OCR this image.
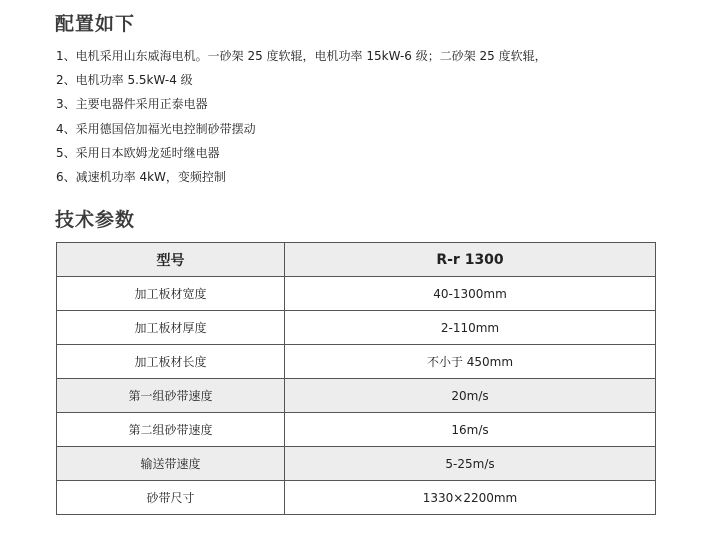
配置如下
1、电机采用山东威海电机。一砂架 25 度软辊，电机功率 15kW-6 级；二砂架 25 度软辊，
2、电机功率 5.5kW-4 级
3、主要电器件采用正泰电器
4、采用德国倍加福光电控制砂带摆动
5、采用日本欧姆龙延时继电器
6、减速机功率 4kW，变频控制
技术参数
型号	R-r 1300
加工板材宽度	40-1300mm
加工板材厚度	2-110mm
加工板材长度	不小于 450mm
第一组砂带速度	20m/s
第二组砂带速度	16m/s
输送带速度	5-25m/s
砂带尺寸	1330×2200mm
